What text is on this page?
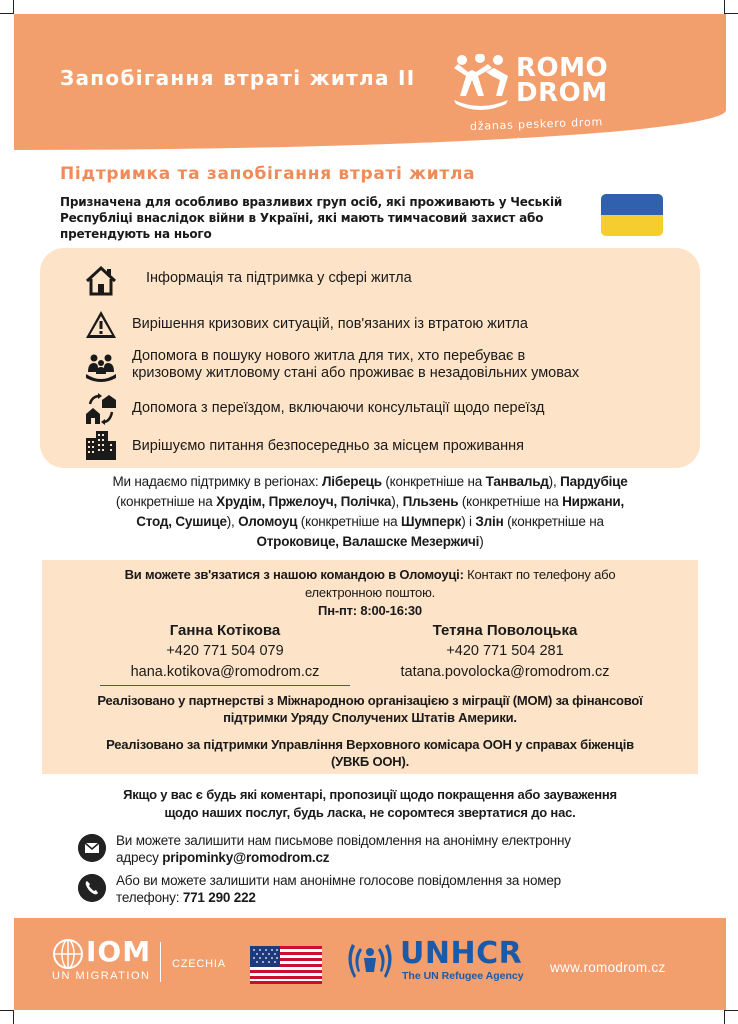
Запобігання втраті житла II	ROMO
DROM
džanas peskero drom
známe naši cestu
Підтримка та запобігання втраті житла
Призначена для особливо вразливих груп осіб, які проживають у Чеській Республіці внаслідок війни в Україні, які мають тимчасовий захист або претендують на нього
Інформація та підтримка у сфері житла
Вирішення кризових ситуацій, пов'язаних із втратою житла
Допомога в пошуку нового житла для тих, хто перебуває в
кризовому житловому стані або проживає в незадовільних умовах
Допомога з переїздом, включаючи консультації щодо переїзд
Вирішуємо питання безпосередньо за місцем проживання
Ми надаємо підтримку в регіонах: Ліберець (конкретніше на Танвальд), Пардубіце
(конкретніше на Хрудім, Пржелоуч, Полічка), Пльзень (конкретніше на Ниржани,
Стод, Сушице), Оломоуц (конкретніше на Шумперк) і Злін (конкретніше на
Отроковице, Валашске Мезержичі)
Ви можете зв'язатися з нашою командою в Оломоуці: Контакт по телефону або
електронною поштою.
Пн-пт: 8:00-16:30
Ганна Котікова
+420 771 504 079
hana.kotikova@romodrom.cz
Тетяна Поволоцька
+420 771 504 281
tatana.povolocka@romodrom.cz
Реалізовано у партнерстві з Міжнародною організацією з міграції (МОМ) за фінансової
підтримки Уряду Сполучених Штатів Америки.
Реалізовано за підтримки Управління Верховного комісара ООН у справах біженців
(УВКБ ООН).
Якщо у вас є будь які коментарі, пропозиції щодо покращення або зауваження
щодо наших послуг, будь ласка, не соромтеся звертатися до нас.
Ви можете залишити нам письмове повідомлення на анонімну електронну
адресу pripominky@romodrom.cz
Або ви можете залишити нам анонімне голосове повідомлення за номер
телефону: 771 290 222
IOM
UN MIGRATION
CZECHIA	UNHCR
The UN Refugee Agency
www.romodrom.cz
